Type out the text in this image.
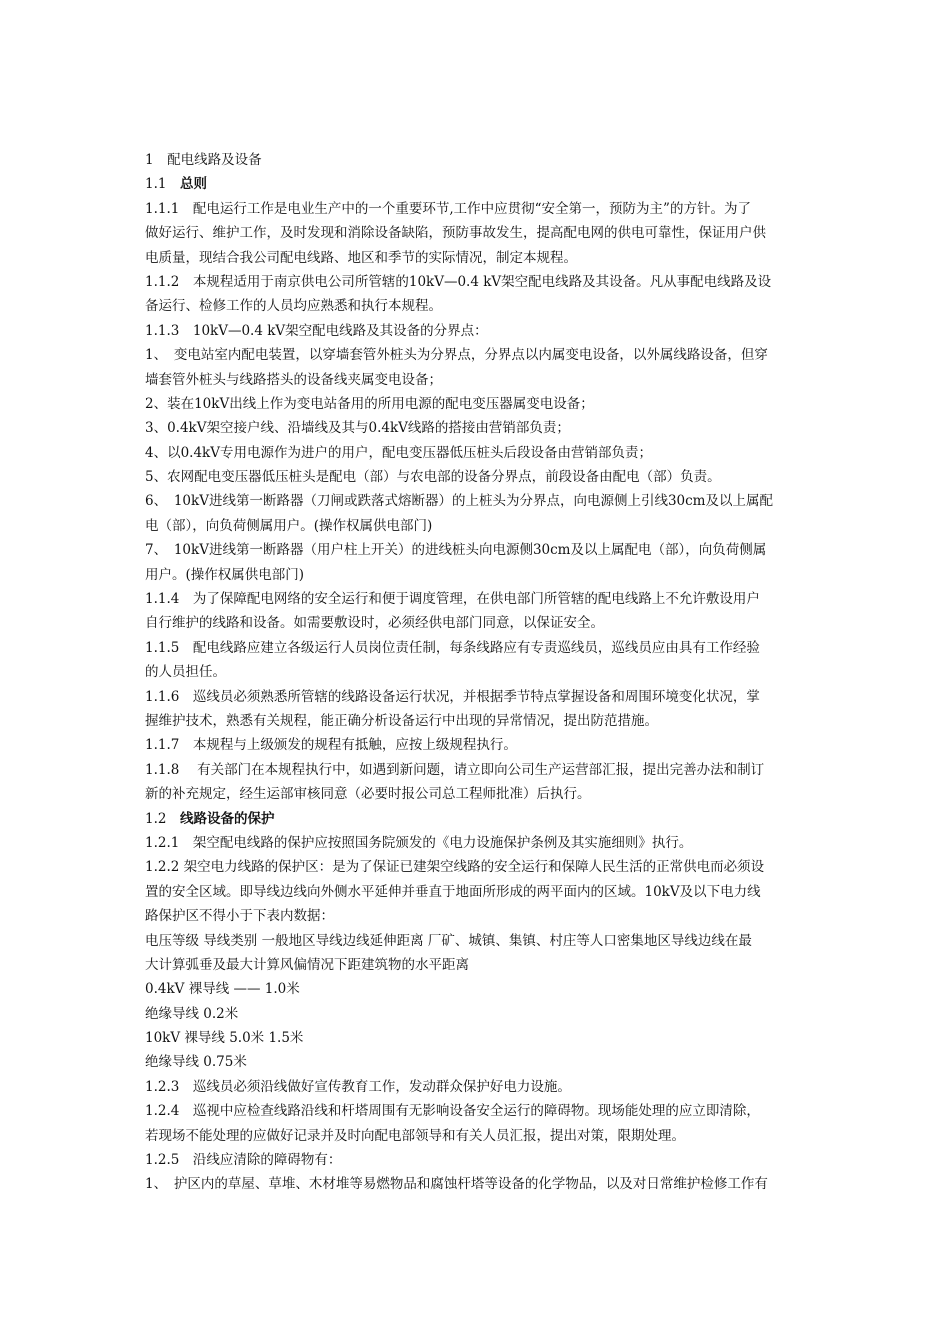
1　配电线路及设备
1.1　总则
1.1.1　配电运行工作是电业生产中的一个重要环节,工作中应贯彻“安全第一，预防为主”的方针。为了
做好运行、维护工作，及时发现和消除设备缺陷，预防事故发生，提高配电网的供电可靠性，保证用户供
电质量，现结合我公司配电线路、地区和季节的实际情况，制定本规程。
1.1.2　本规程适用于南京供电公司所管辖的10kV—0.4 kV架空配电线路及其设备。凡从事配电线路及设
备运行、检修工作的人员均应熟悉和执行本规程。
1.1.3　10kV—0.4 kV架空配电线路及其设备的分界点：
1、　变电站室内配电装置，以穿墙套管外桩头为分界点，分界点以内属变电设备，以外属线路设备，但穿
墙套管外桩头与线路搭头的设备线夹属变电设备；
2、装在10kV出线上作为变电站备用的所用电源的配电变压器属变电设备；
3、0.4kV架空接户线、沿墙线及其与0.4kV线路的搭接由营销部负责；
4、以0.4kV专用电源作为进户的用户，配电变压器低压桩头后段设备由营销部负责；
5、农网配电变压器低压桩头是配电（部）与农电部的设备分界点，前段设备由配电（部）负责。
6、　10kV进线第一断路器（刀闸或跌落式熔断器）的上桩头为分界点，向电源侧上引线30cm及以上属配
电（部），向负荷侧属用户。(操作权属供电部门)
7、　10kV进线第一断路器（用户柱上开关）的进线桩头向电源侧30cm及以上属配电（部），向负荷侧属
用户。(操作权属供电部门)
1.1.4　为了保障配电网络的安全运行和便于调度管理，在供电部门所管辖的配电线路上不允许敷设用户
自行维护的线路和设备。如需要敷设时，必须经供电部门同意，以保证安全。
1.1.5　配电线路应建立各级运行人员岗位责任制，每条线路应有专责巡线员，巡线员应由具有工作经验
的人员担任。
1.1.6　巡线员必须熟悉所管辖的线路设备运行状况，并根据季节特点掌握设备和周围环境变化状况，掌
握维护技术，熟悉有关规程，能正确分析设备运行中出现的异常情况，提出防范措施。
1.1.7　本规程与上级颁发的规程有抵触，应按上级规程执行。
1.1.8　 有关部门在本规程执行中，如遇到新问题，请立即向公司生产运营部汇报，提出完善办法和制订
新的补充规定，经生运部审核同意（必要时报公司总工程师批准）后执行。
1.2　线路设备的保护
1.2.1　架空配电线路的保护应按照国务院颁发的《电力设施保护条例及其实施细则》执行。
1.2.2 架空电力线路的保护区：是为了保证已建架空线路的安全运行和保障人民生活的正常供电而必须设
置的安全区域。即导线边线向外侧水平延伸并垂直于地面所形成的两平面内的区域。10kV及以下电力线
路保护区不得小于下表内数据：
电压等级 导线类别 一般地区导线边线延伸距离 厂矿、城镇、集镇、村庄等人口密集地区导线边线在最
大计算弧垂及最大计算风偏情况下距建筑物的水平距离
0.4kV 裸导线 —— 1.0米
绝缘导线 0.2米
10kV 裸导线 5.0米 1.5米
绝缘导线 0.75米
1.2.3　巡线员必须沿线做好宣传教育工作，发动群众保护好电力设施。
1.2.4　巡视中应检查线路沿线和杆塔周围有无影响设备安全运行的障碍物。现场能处理的应立即清除，
若现场不能处理的应做好记录并及时向配电部领导和有关人员汇报，提出对策，限期处理。
1.2.5　沿线应清除的障碍物有：
1、　护区内的草屋、草堆、木材堆等易燃物品和腐蚀杆塔等设备的化学物品，以及对日常维护检修工作有
